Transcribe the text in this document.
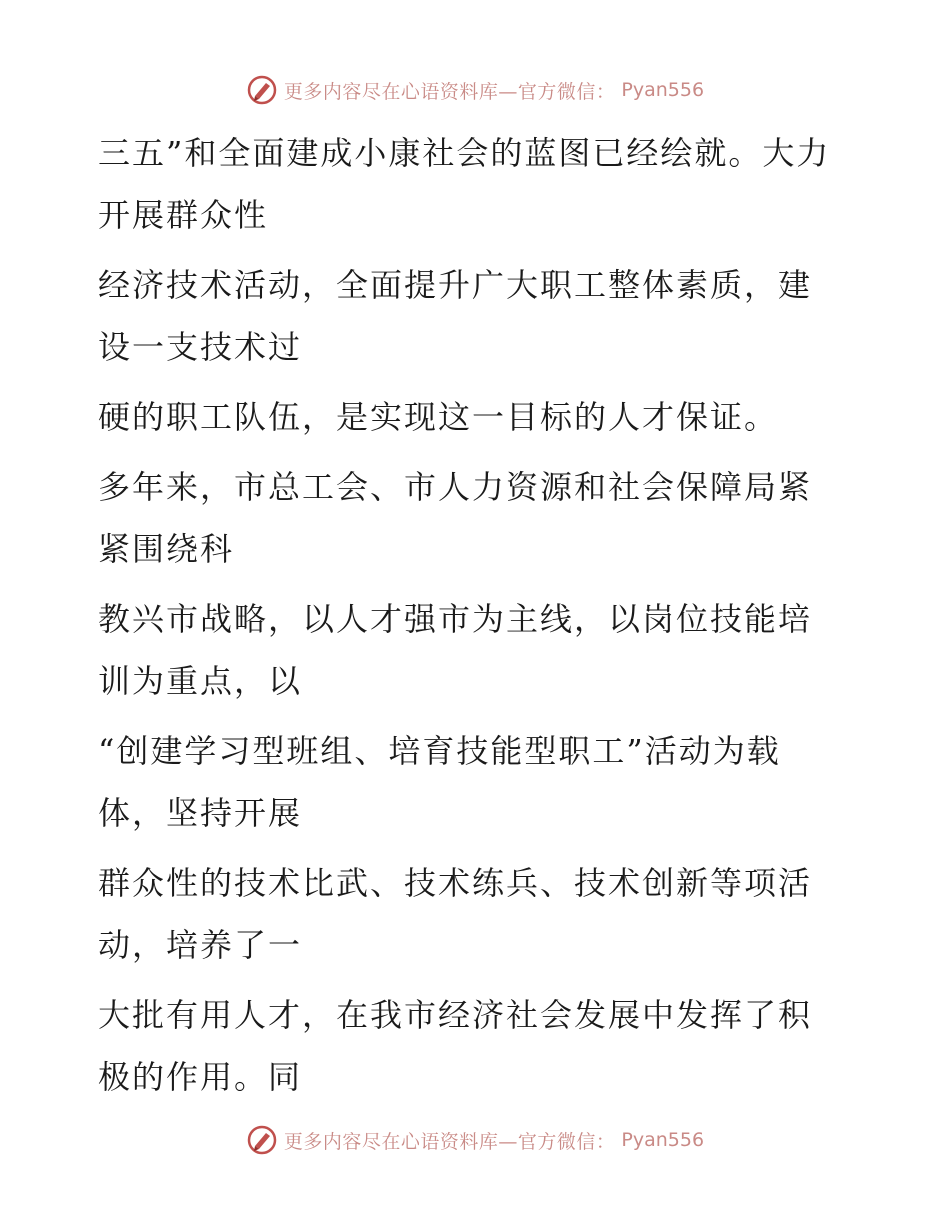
更多内容尽在心语资料库—官方微信： Pyan556

三五”和全面建成小康社会的蓝图已经绘就。大力开展群众性

经济技术活动，全面提升广大职工整体素质，建设一支技术过

硬的职工队伍，是实现这一目标的人才保证。

多年来，市总工会、市人力资源和社会保障局紧紧围绕科

教兴市战略，以人才强市为主线，以岗位技能培训为重点，以

“创建学习型班组、培育技能型职工”活动为载体，坚持开展

群众性的技术比武、技术练兵、技术创新等项活动，培养了一

大批有用人才，在我市经济社会发展中发挥了积极的作用。同

更多内容尽在心语资料库—官方微信： Pyan556
